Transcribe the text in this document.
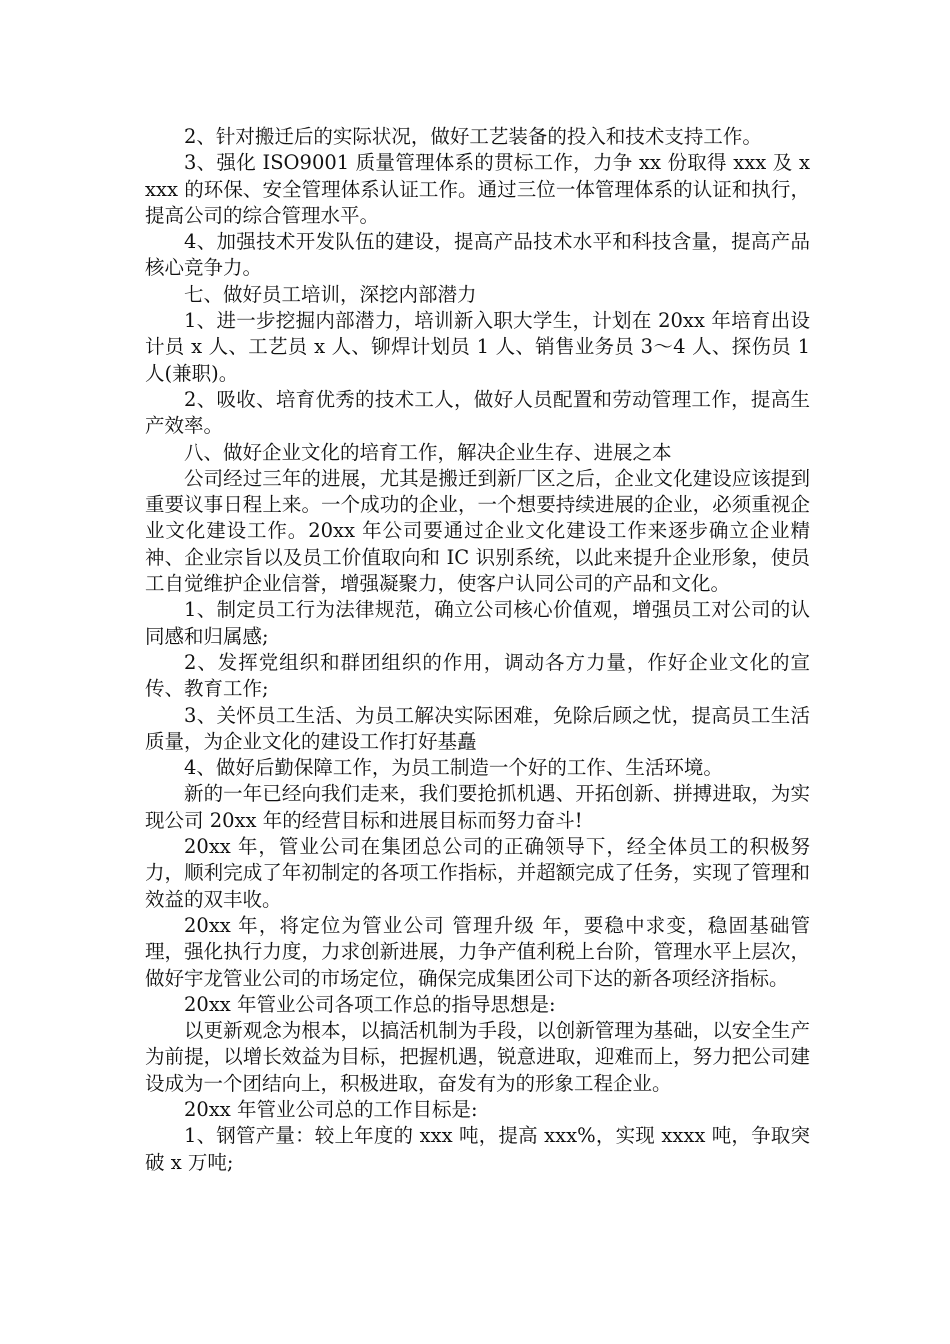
2、针对搬迁后的实际状况，做好工艺装备的投入和技术支持工作。

3、强化 ISO9001 质量管理体系的贯标工作，力争 xx 份取得 xxx 及 xxxx 的环保、安全管理体系认证工作。通过三位一体管理体系的认证和执行，提高公司的综合管理水平。

4、加强技术开发队伍的建设，提高产品技术水平和科技含量，提高产品核心竞争力。

七、做好员工培训，深挖内部潜力

1、进一步挖掘内部潜力，培训新入职大学生，计划在 20xx 年培育出设计员 x 人、工艺员 x 人、铆焊计划员 1 人、销售业务员 3～4 人、探伤员 1 人(兼职)。

2、吸收、培育优秀的技术工人，做好人员配置和劳动管理工作，提高生产效率。

八、做好企业文化的培育工作，解决企业生存、进展之本

公司经过三年的进展，尤其是搬迁到新厂区之后，企业文化建设应该提到重要议事日程上来。一个成功的企业，一个想要持续进展的企业，必须重视企业文化建设工作。20xx 年公司要通过企业文化建设工作来逐步确立企业精神、企业宗旨以及员工价值取向和 IC 识别系统，以此来提升企业形象，使员工自觉维护企业信誉，增强凝聚力，使客户认同公司的产品和文化。

1、制定员工行为法律规范，确立公司核心价值观，增强员工对公司的认同感和归属感;

2、发挥党组织和群团组织的作用，调动各方力量，作好企业文化的宣传、教育工作;

3、关怀员工生活、为员工解决实际困难，免除后顾之忧，提高员工生活质量，为企业文化的建设工作打好基矗

4、做好后勤保障工作，为员工制造一个好的工作、生活环境。

新的一年已经向我们走来，我们要抢抓机遇、开拓创新、拼搏进取，为实现公司 20xx 年的经营目标和进展目标而努力奋斗!

20xx 年，管业公司在集团总公司的正确领导下，经全体员工的积极努力，顺利完成了年初制定的各项工作指标，并超额完成了任务，实现了管理和效益的双丰收。

20xx 年，将定位为管业公司 管理升级 年，要稳中求变，稳固基础管理，强化执行力度，力求创新进展，力争产值利税上台阶，管理水平上层次，做好宇龙管业公司的市场定位，确保完成集团公司下达的新各项经济指标。

20xx 年管业公司各项工作总的指导思想是:

以更新观念为根本，以搞活机制为手段，以创新管理为基础，以安全生产为前提，以增长效益为目标，把握机遇，锐意进取，迎难而上，努力把公司建设成为一个团结向上，积极进取，奋发有为的形象工程企业。

20xx 年管业公司总的工作目标是:

1、钢管产量：较上年度的 xxx 吨，提高 xxx%，实现 xxxx 吨，争取突破 x 万吨;
